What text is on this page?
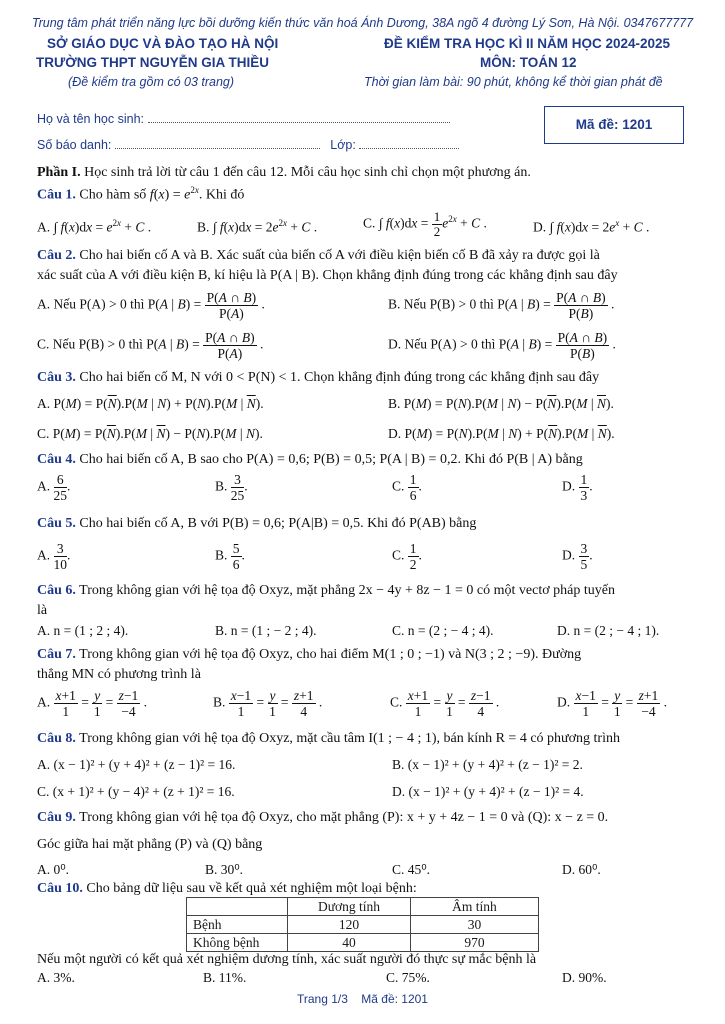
Trung tâm phát triển năng lực bồi dưỡng kiến thức văn hoá Ánh Dương, 38A ngõ 4 đường Lý Sơn, Hà Nội. 0347677777
SỞ GIÁO DỤC VÀ ĐÀO TẠO HÀ NỘI
TRƯỜNG THPT NGUYỄN GIA THIỀU
(Đề kiểm tra gồm có 03 trang)
ĐỀ KIỂM TRA HỌC KÌ II NĂM HỌC 2024-2025
MÔN: TOÁN 12
Thời gian làm bài: 90 phút, không kể thời gian phát đề
Họ và tên học sinh:
Số báo danh:	Lớp:
Mã đề: 1201
Phần I. Học sinh trả lời từ câu 1 đến câu 12. Mỗi câu học sinh chỉ chọn một phương án.
Câu 1. Cho hàm số $f(x) = e^{2x}$. Khi đó
A. ∫ $f(x)dx = e^{2x} + C$ .	B. ∫ $f(x)dx = 2e^{2x} + C$ .	C. ∫ $f(x)dx = \frac{1}{2} e^{2x} + C$ .	D. ∫ $f(x)dx = 2e^x + C$ .
Câu 2. Cho hai biến cố A và B. Xác suất của biến cố A với điều kiện biến cố B đã xảy ra được gọi là
xác suất của A với điều kiện B, kí hiệu là P(A | B). Chọn khẳng định đúng trong các khẳng định sau đây
A. Nếu P(A) > 0 thì P(A | $B) = \frac{P(A \cap B)}{P(A)}$ .	B. Nếu P(B) > 0 thì P(A | $B) = \frac{P(A \cap B)}{P(B)}$ .
C. Nếu P(B) > 0 thì P(A | $B) = \frac{P(A \cap B)}{P(A)}$ .	D. Nếu P(A) > 0 thì P(A | $B) = \frac{P(A \cap B)}{P(B)}$ .
Câu 3. Cho hai biến cố M, N với 0 < P(N) < 1. Chọn khẳng định đúng trong các khẳng định sau đây
A. $P(M) = P(\overline{N}).P(M$ | N) + P(N).P(M | $\overline{N}$).	B. P(M) = P(N).P(M | $N) - P(\overline{N}).P(M$ | $\overline{N}$).
C. $P(M) = P(\overline{N}).P(M$ | $\overline{N}) - P(N).P(M$ | N).	D. P(M) = P(N).P(M | $N) + P(\overline{N}).P(M$ | $\overline{N}$).
Câu 4. Cho hai biến cố A, B sao cho P(A) = 0,6; P(B) = 0,5; P(A | B) = 0,2. Khi đó P(B | A) bằng
A. $\frac{6}{25}$ .	B. $\frac{3}{25}$ .	C. $\frac{1}{6}$ .	D. $\frac{1}{3}$ .
Câu 5. Cho hai biến cố A, B với P(B) = 0,6; P(A|B) = 0,5. Khi đó P(AB) bằng
A. $\frac{3}{10}$ .	B. $\frac{5}{6}$ .	C. $\frac{1}{2}$ .	D. $\frac{3}{5}$ .
Câu 6. Trong không gian với hệ tọa độ Oxyz, mặt phẳng 2x − 4y + 8z − 1 = 0 có một vectơ pháp tuyến
là
A. n = (1 ; 2 ; 4).	B. n = (1 ; − 2 ; 4).	C. n = (2 ; − 4 ; 4).	D. n = (2 ; − 4 ; 1).
Câu 7. Trong không gian với hệ tọa độ Oxyz, cho hai điểm M(1 ; 0 ; −1) và N(3 ; 2 ; −9). Đường
thẳng MN có phương trình là
A. $\frac{x+1}{1} = \frac{y}{1} = \frac{z-1}{-4}$ .	B. $\frac{x-1}{1} = \frac{y}{1} = \frac{z+1}{4}$ .	C. $\frac{x+1}{1} = \frac{y}{1} = \frac{z-1}{4}$ .	D. $\frac{x-1}{1} = \frac{y}{1} = \frac{z+1}{-4}$ .
Câu 8. Trong không gian với hệ tọa độ Oxyz, mặt cầu tâm I(1 ; − 4 ; 1), bán kính R = 4 có phương trình
A. (x − 1)² + (y + 4)² + (z − 1)² = 16.	B. (x − 1)² + (y + 4)² + (z − 1)² = 2.
C. (x + 1)² + (y − 4)² + (z + 1)² = 16.	D. (x − 1)² + (y + 4)² + (z − 1)² = 4.
Câu 9. Trong không gian với hệ tọa độ Oxyz, cho mặt phẳng (P): x + y + 4z − 1 = 0 và (Q): x − z = 0.
Góc giữa hai mặt phẳng (P) và (Q) bằng
A. 0⁰.	B. 30⁰.	C. 45⁰.	D. 60⁰.
Câu 10. Cho bảng dữ liệu sau về kết quả xét nghiệm một loại bệnh:
	Dương tính	Âm tính
Bệnh	120	30
Không bệnh	40	970
Nếu một người có kết quả xét nghiệm dương tính, xác suất người đó thực sự mắc bệnh là
A. 3%.	B. 11%.	C. 75%.	D. 90%.
Trang 1/3 Mã đề: 1201
